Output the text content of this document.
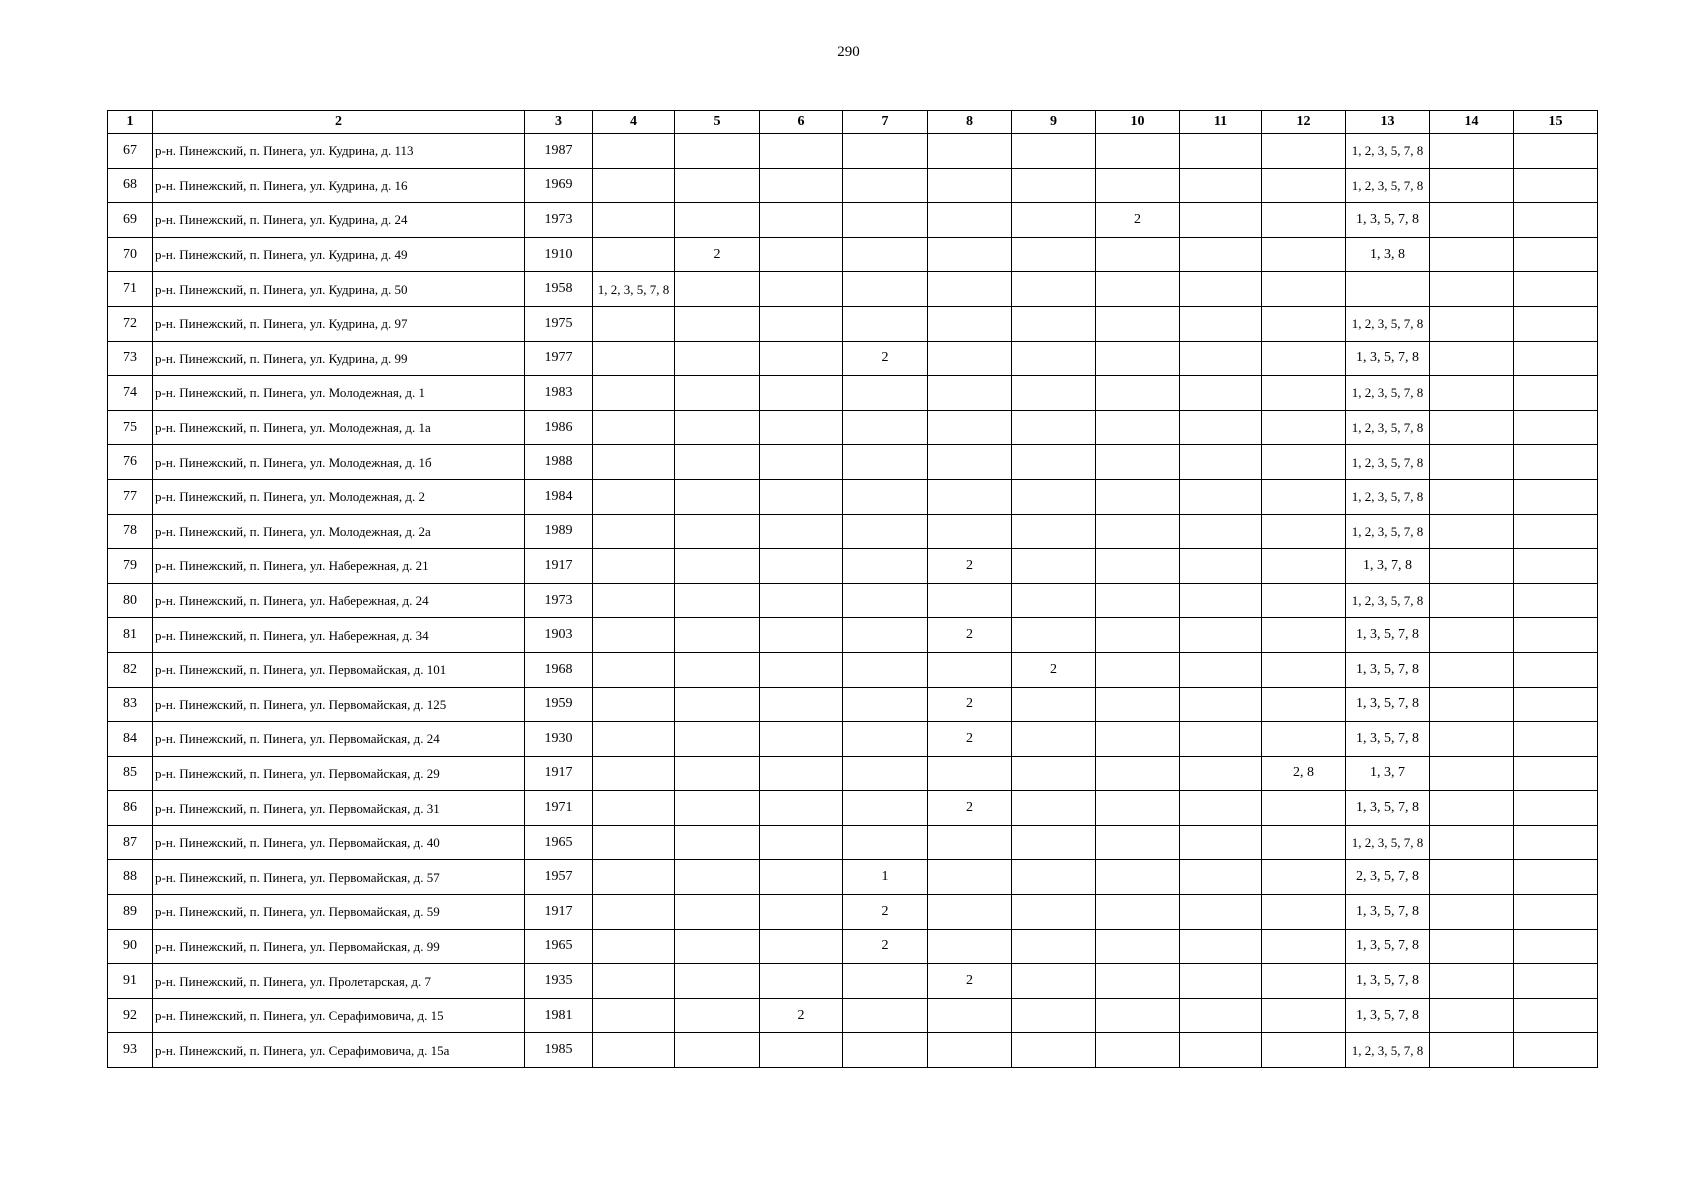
290
1	2	3	4	5	6	7	8	9	10	11	12	13	14	15
67	р-н. Пинежский, п. Пинега, ул. Кудрина, д. 113	1987										1, 2, 3, 5, 7, 8		
68	р-н. Пинежский, п. Пинега, ул. Кудрина, д. 16	1969										1, 2, 3, 5, 7, 8		
69	р-н. Пинежский, п. Пинега, ул. Кудрина, д. 24	1973							2			1, 3, 5, 7, 8		
70	р-н. Пинежский, п. Пинега, ул. Кудрина, д. 49	1910		2								1, 3, 8		
71	р-н. Пинежский, п. Пинега, ул. Кудрина, д. 50	1958	1, 2, 3, 5, 7, 8											
72	р-н. Пинежский, п. Пинега, ул. Кудрина, д. 97	1975										1, 2, 3, 5, 7, 8		
73	р-н. Пинежский, п. Пинега, ул. Кудрина, д. 99	1977				2						1, 3, 5, 7, 8		
74	р-н. Пинежский, п. Пинега, ул. Молодежная, д. 1	1983										1, 2, 3, 5, 7, 8		
75	р-н. Пинежский, п. Пинега, ул. Молодежная, д. 1а	1986										1, 2, 3, 5, 7, 8		
76	р-н. Пинежский, п. Пинега, ул. Молодежная, д. 1б	1988										1, 2, 3, 5, 7, 8		
77	р-н. Пинежский, п. Пинега, ул. Молодежная, д. 2	1984										1, 2, 3, 5, 7, 8		
78	р-н. Пинежский, п. Пинега, ул. Молодежная, д. 2а	1989										1, 2, 3, 5, 7, 8		
79	р-н. Пинежский, п. Пинега, ул. Набережная, д. 21	1917					2					1, 3, 7, 8		
80	р-н. Пинежский, п. Пинега, ул. Набережная, д. 24	1973										1, 2, 3, 5, 7, 8		
81	р-н. Пинежский, п. Пинега, ул. Набережная, д. 34	1903					2					1, 3, 5, 7, 8		
82	р-н. Пинежский, п. Пинега, ул. Первомайская, д. 101	1968						2				1, 3, 5, 7, 8		
83	р-н. Пинежский, п. Пинега, ул. Первомайская, д. 125	1959					2					1, 3, 5, 7, 8		
84	р-н. Пинежский, п. Пинега, ул. Первомайская, д. 24	1930					2					1, 3, 5, 7, 8		
85	р-н. Пинежский, п. Пинега, ул. Первомайская, д. 29	1917									2, 8	1, 3, 7		
86	р-н. Пинежский, п. Пинега, ул. Первомайская, д. 31	1971					2					1, 3, 5, 7, 8		
87	р-н. Пинежский, п. Пинега, ул. Первомайская, д. 40	1965										1, 2, 3, 5, 7, 8		
88	р-н. Пинежский, п. Пинега, ул. Первомайская, д. 57	1957				1						2, 3, 5, 7, 8		
89	р-н. Пинежский, п. Пинега, ул. Первомайская, д. 59	1917				2						1, 3, 5, 7, 8		
90	р-н. Пинежский, п. Пинега, ул. Первомайская, д. 99	1965				2						1, 3, 5, 7, 8		
91	р-н. Пинежский, п. Пинега, ул. Пролетарская, д. 7	1935					2					1, 3, 5, 7, 8		
92	р-н. Пинежский, п. Пинега, ул. Серафимовича, д. 15	1981			2							1, 3, 5, 7, 8		
93	р-н. Пинежский, п. Пинега, ул. Серафимовича, д. 15а	1985										1, 2, 3, 5, 7, 8		
